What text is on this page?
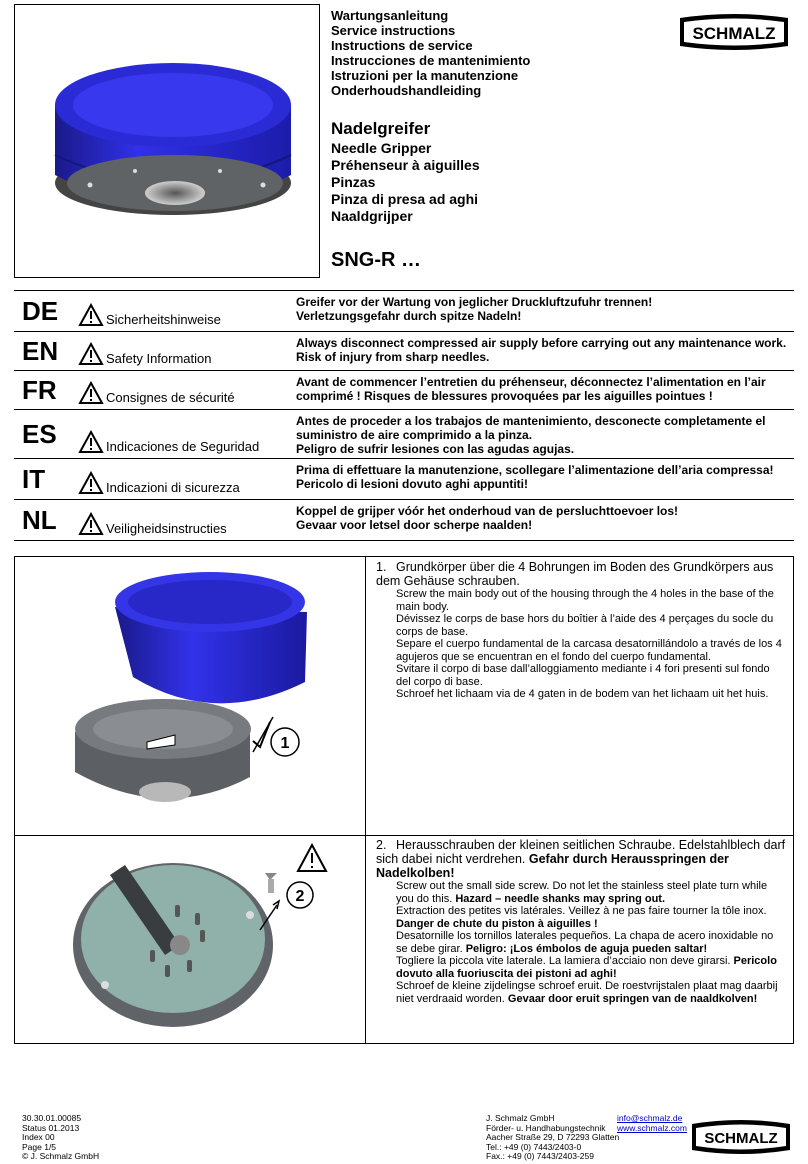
Wartungsanleitung
Service instructions
Instructions de service
Instrucciones de mantenimiento
Istruzioni per la manutenzione
Onderhoudshandleiding
Nadelgreifer
Needle Gripper
Préhenseur à aiguilles
Pinzas
Pinza di presa ad aghi
Naaldgrijper
SNG-R …
SCHMALZ
DE	Sicherheitshinweise
Greifer vor der Wartung von jeglicher Druckluftzufuhr trennen!
Verletzungsgefahr durch spitze Nadeln!
EN	Safety Information
Always disconnect compressed air supply before carrying out any maintenance work.
Risk of injury from sharp needles.
FR	Consignes de sécurité
Avant de commencer l’entretien du préhenseur, déconnectez l’alimentation en l’air
comprimé ! Risques de blessures provoquées par les aiguilles pointues !
ES	Indicaciones de Seguridad
Antes de proceder a los trabajos de mantenimiento, desconecte completamente el
suministro de aire comprimido a la pinza.
Peligro de sufrir lesiones con las agudas agujas.
IT	Indicazioni di sicurezza
Prima di effettuare la manutenzione, scollegare l’alimentazione dell’aria compressa!
Pericolo di lesioni dovuto aghi appuntiti!
NL	Veiligheidsinstructies
Koppel de grijper vóór het onderhoud van de persluchttoevoer los!
Gevaar voor letsel door scherpe naalden!
1
1. Grundkörper über die 4 Bohrungen im Boden des Grundkörpers aus dem Gehäuse schrauben.
Screw the main body out of the housing through the 4 holes in the base of the main body.
Dévissez le corps de base hors du boîtier à l’aide des 4 perçages du socle du corps de base.
Separe el cuerpo fundamental de la carcasa desatornillándolo a través de los 4 agujeros que se encuentran en el fondo del cuerpo fundamental.
Svitare il corpo di base dall’alloggiamento mediante i 4 fori presenti sul fondo del corpo di base.
Schroef het lichaam via de 4 gaten in de bodem van het lichaam uit het huis.
2
2. Herausschrauben der kleinen seitlichen Schraube. Edelstahlblech darf sich dabei nicht verdrehen. Gefahr durch Herausspringen der Nadelkolben!
Screw out the small side screw. Do not let the stainless steel plate turn while you do this. Hazard – needle shanks may spring out.
Extraction des petites vis latérales. Veillez à ne pas faire tourner la tôle inox. Danger de chute du piston à aiguilles !
Desatornille los tornillos laterales pequeños. La chapa de acero inoxidable no se debe girar. Peligro: ¡Los émbolos de aguja pueden saltar!
Togliere la piccola vite laterale. La lamiera d’acciaio non deve girarsi. Pericolo dovuto alla fuoriuscita dei pistoni ad aghi!
Schroef de kleine zijdelingse schroef eruit. De roestvrijstalen plaat mag daarbij niet verdraaid worden. Gevaar door eruit springen van de naaldkolven!
30.30.01.00085
Status 01.2013
Index 00
Page 1/5
© J. Schmalz GmbH
J. Schmalz GmbH
Förder- u. Handhabungstechnik
Aacher Straße 29, D 72293 Glatten
Tel.: +49 (0) 7443/2403-0
Fax.: +49 (0) 7443/2403-259
info@schmalz.de
www.schmalz.com
SCHMALZ
